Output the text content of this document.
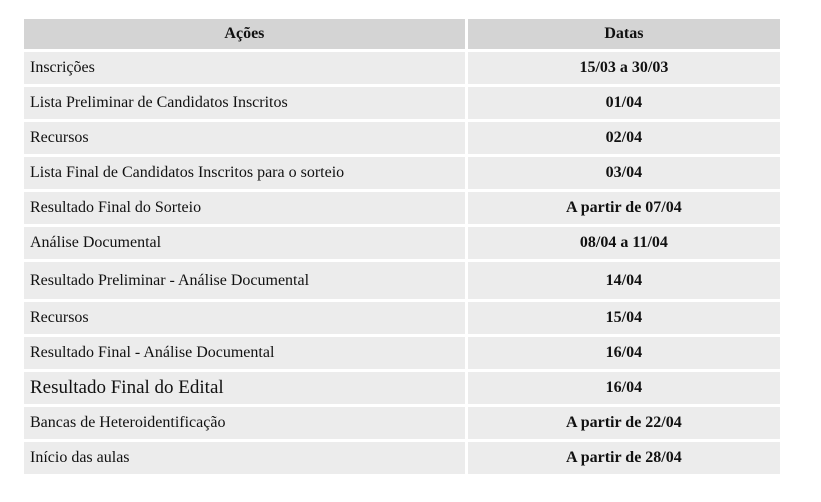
Ações	Datas
Inscrições	15/03 a 30/03
Lista Preliminar de Candidatos Inscritos	01/04
Recursos	02/04
Lista Final de Candidatos Inscritos para o sorteio	03/04
Resultado Final do Sorteio	A partir de 07/04
Análise Documental	08/04 a 11/04
Resultado Preliminar - Análise Documental	14/04
Recursos	15/04
Resultado Final - Análise Documental	16/04
Resultado Final do Edital	16/04
Bancas de Heteroidentificação	A partir de 22/04
Início das aulas	A partir de 28/04
